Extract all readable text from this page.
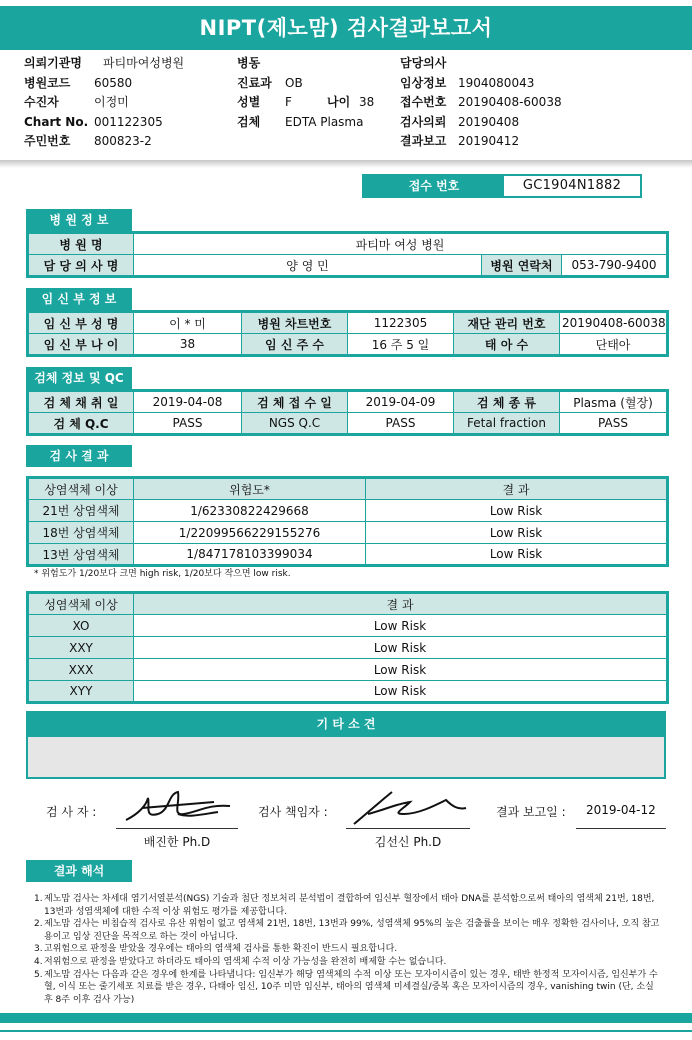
NIPT(제노맘) 검사결과보고서
의뢰기관명 파티마여성병원
병원코드 60580
수진자	이정미
Chart No. 001122305
주민번호 800823-2
병동
진료과 OB
성별 F	나이 38
검체 EDTA Plasma
담당의사
임상정보 1904080043
접수번호 20190408-60038
검사의뢰 20190408
결과보고 20190412
접수 번호	GC1904N1882
병 원 정 보
병 원 명	파티마 여성 병원		
담 당 의 사 명	양 영 민	병원 연락처	053-790-9400
임 신 부 정 보
임 신 부 성 명	이 * 미	병원 차트번호	1122305	재단 관리 번호	20190408-60038
임 신 부 나 이	38	임 신 주 수	16 주 5 일	태 아 수	단태아
검체 정보 및 QC
검 체 채 취 일	2019-04-08	검 체 접 수 일	2019-04-09	검 체 종 류	Plasma (혈장)
검 체 Q.C	PASS	NGS Q.C	PASS	Fetal fraction	PASS
검 사 결 과
상염색체 이상	위험도*	결 과
21번 상염색체	1/62330822429668	Low Risk
18번 상염색체	1/22099566229155276	Low Risk
13번 상염색체	1/847178103399034	Low Risk
* 위험도가 1/20보다 크면 high risk, 1/20보다 작으면 low risk.
성염색체 이상	결 과
XO	Low Risk
XXY	Low Risk
XXX	Low Risk
XYY	Low Risk
기 타 소 견
검 사 자 :
배진한 Ph.D
검사 책임자 :
김선신 Ph.D
결과 보고일 : 2019-04-12
결과 해석
1. 제노맘 검사는 차세대 염기서열분석(NGS) 기술과 첨단 정보처리 분석법이 결합하여 임신부 혈장에서 태아 DNA를 분석함으로써 태아의 염색체 21번, 18번, 13번과 성염색체에 대한 수적 이상 위험도 평가를 제공합니다.
2. 제노맘 검사는 비침습적 검사로 유산 위험이 없고 염색체 21번, 18번, 13번과 99%, 성염색체 95%의 높은 검출률을 보이는 매우 정확한 검사이나, 오직 참고용이고 임상 진단을 목적으로 하는 것이 아닙니다.
3. 고위험으로 판정을 받았을 경우에는 태아의 염색체 검사를 통한 확진이 반드시 필요합니다.
4. 저위험으로 판정을 받았다고 하더라도 태아의 염색체 수적 이상 가능성을 완전히 배제할 수는 없습니다.
5. 제노맘 검사는 다음과 같은 경우에 한계를 나타냅니다: 임신부가 해당 염색체의 수적 이상 또는 모자이시즘이 있는 경우, 태반 한정적 모자이시즘, 임신부가 수혈, 이식 또는 줄기세포 치료를 받은 경우, 다태아 임신, 10주 미만 임신부, 태아의 염색체 미세결실/중복 혹은 모자이시즘의 경우, vanishing twin (단, 소실 후 8주 이후 검사 가능)
